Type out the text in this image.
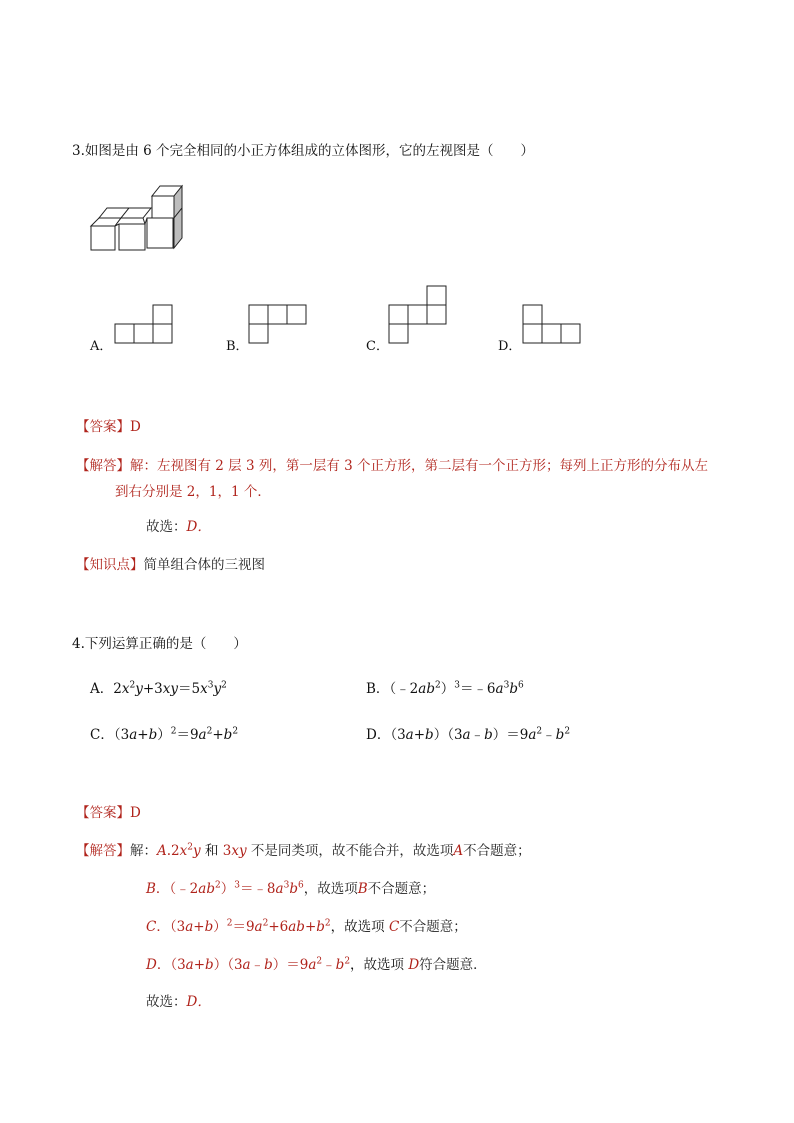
3.如图是由 6 个完全相同的小正方体组成的立体图形，它的左视图是（　　）
A．	B．	C．	D．
【答案】D
【解答】解：左视图有 2 层 3 列，第一层有 3 个正方形，第二层有一个正方形；每列上正方形的分布从左
到右分别是 2，1，1 个．
故选：D．
【知识点】简单组合体的三视图
4.下列运算正确的是（　　）
A．$2x^2y+3xy=5x^3y^2$	B．$(﹣2ab^2)^3=﹣6a^3b^6$
C．$(3a+b)^2=9a^2+b^2$	D．$(3a+b)(3a﹣b)=9a^2﹣b^2$
【答案】D
【解答】解：$A.2x^2y$ 和 3xy 不是同类项，故不能合并，故选项A不合题意；
B．$(﹣2ab^2)^3=﹣8a^3b^6$，故选项B不合题意；
C．$(3a+b)^2=9a^2+6ab+b^2$，故选项 C不合题意；
D．$(3a+b)(3a﹣b)=9a^2﹣b^2$，故选项 D符合题意．
故选：D．
